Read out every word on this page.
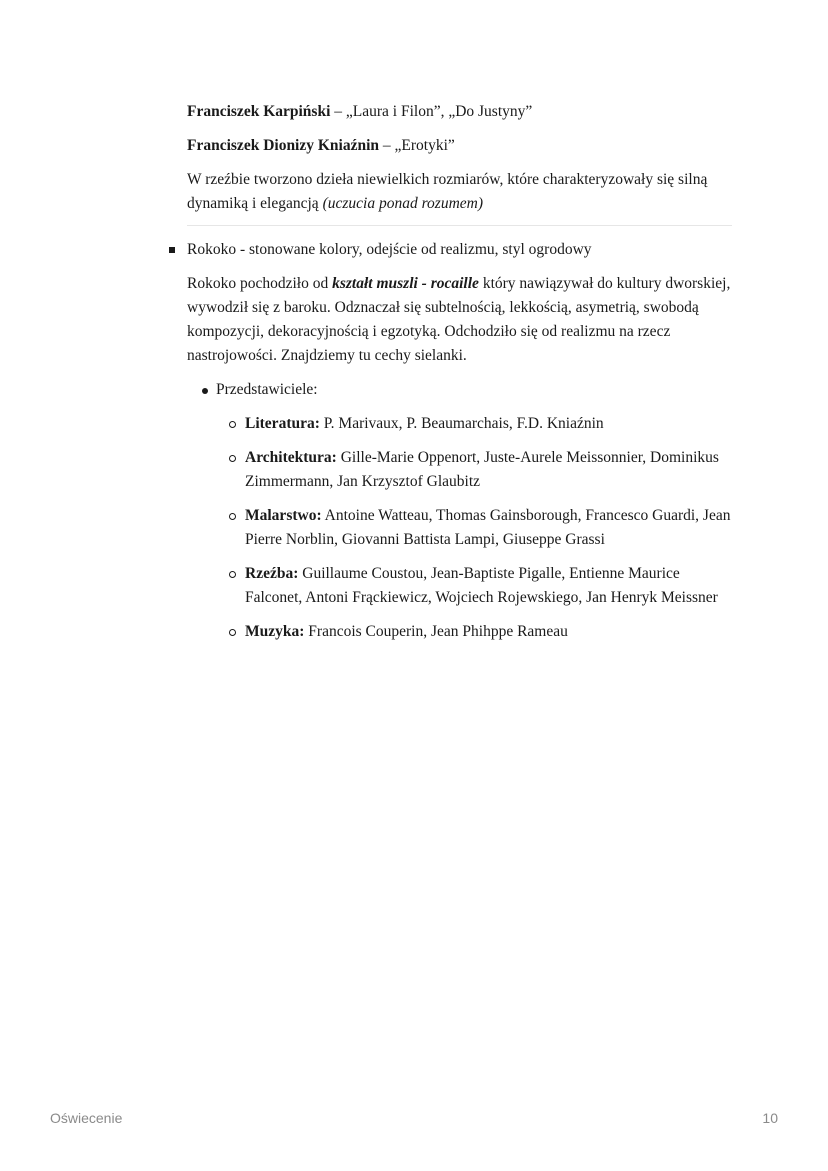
Franciszek Karpiński – „Laura i Filon”, „Do Justyny”

Franciszek Dionizy Kniaźnin – „Erotyki”

W rzeźbie tworzono dzieła niewielkich rozmiarów, które charakteryzowały się silną dynamiką i elegancją (uczucia ponad rozumem)

Rokoko - stonowane kolory, odejście od realizmu, styl ogrodowy

Rokoko pochodziło od kształt muszli - rocaille który nawiązywał do kultury dworskiej, wywodził się z baroku. Odznaczał się subtelnością, lekkością, asymetrią, swobodą kompozycji, dekoracyjnością i egzotyką. Odchodziło się od realizmu na rzecz nastrojowości. Znajdziemy tu cechy sielanki.

Przedstawiciele:
Literatura: P. Marivaux, P. Beaumarchais, F.D. Kniaźnin
Architektura: Gille-Marie Oppenort, Juste-Aurele Meissonnier, Dominikus Zimmermann, Jan Krzysztof Glaubitz
Malarstwo: Antoine Watteau, Thomas Gainsborough, Francesco Guardi, Jean Pierre Norblin, Giovanni Battista Lampi, Giuseppe Grassi
Rzeźba: Guillaume Coustou, Jean-Baptiste Pigalle, Entienne Maurice Falconet, Antoni Frąckiewicz, Wojciech Rojewskiego, Jan Henryk Meissner
Muzyka: Francois Couperin, Jean Phihppe Rameau
Oświecenie	10
